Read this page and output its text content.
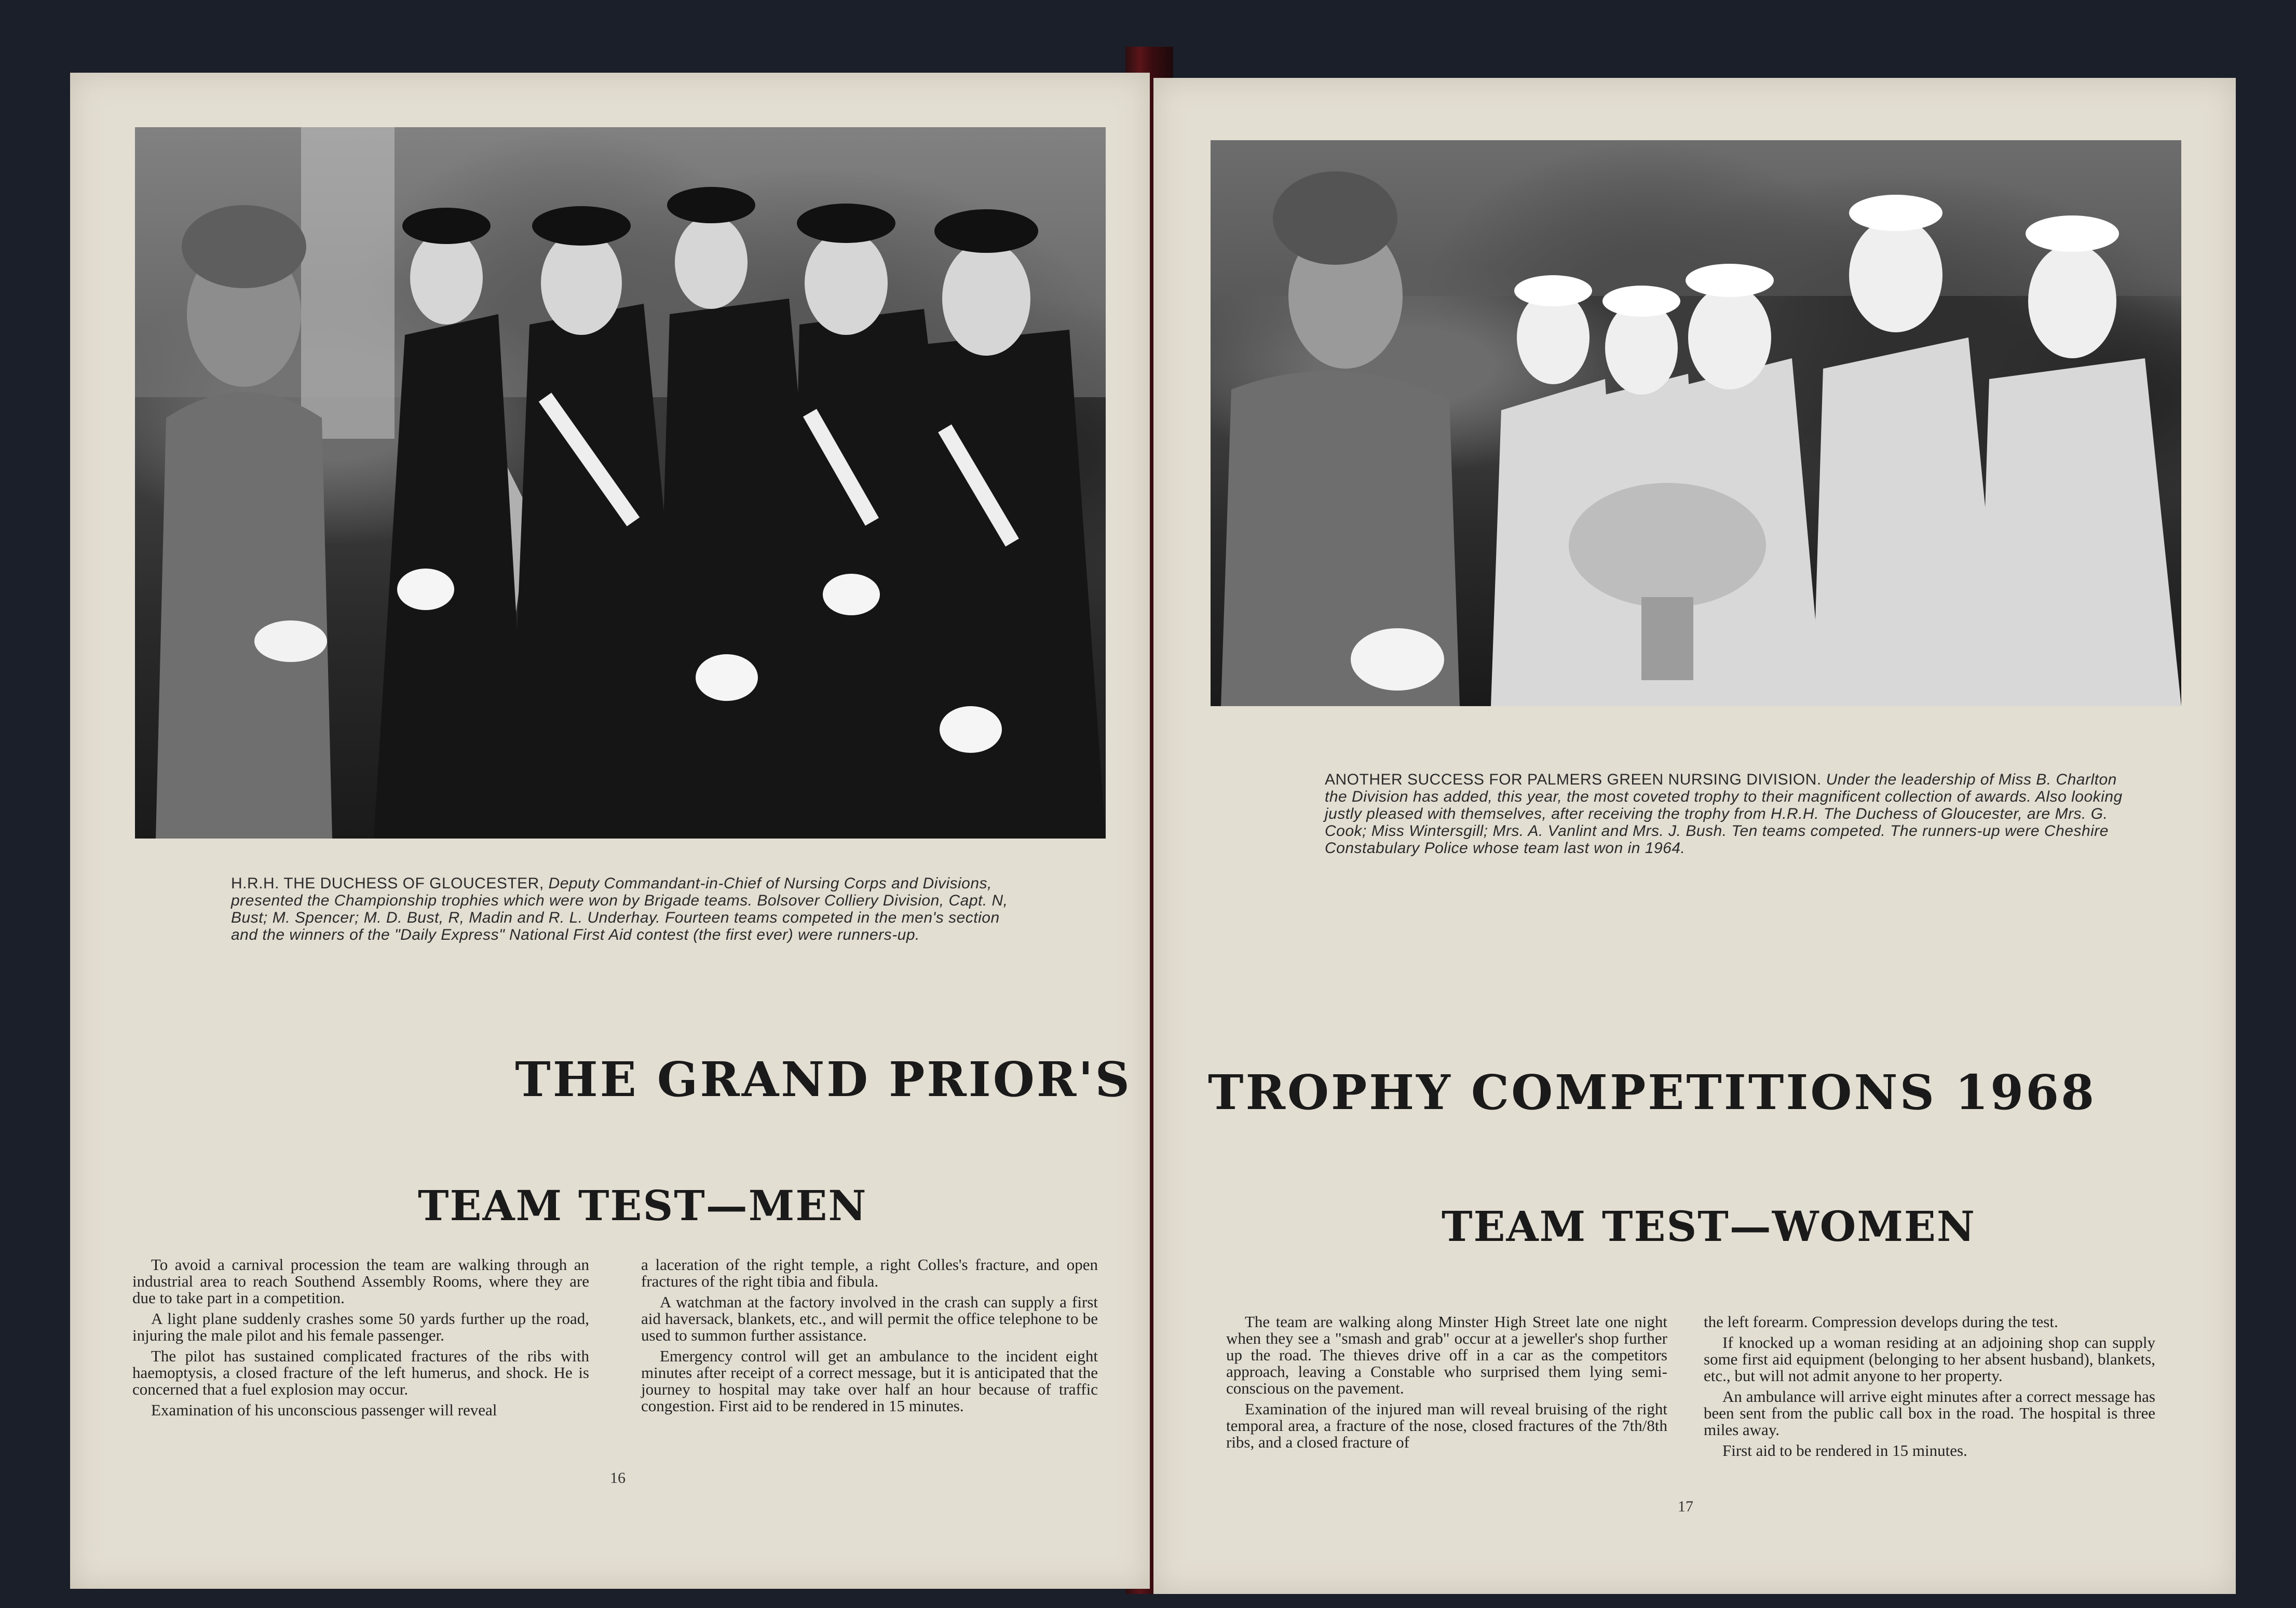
H.R.H. THE DUCHESS OF GLOUCESTER, Deputy Commandant-in-Chief of Nursing Corps and Divisions, presented the Championship trophies which were won by Brigade teams. Bolsover Colliery Division, Capt. N, Bust; M. Spencer; M. D. Bust, R, Madin and R. L. Underhay. Fourteen teams competed in the men's section and the winners of the "Daily Express" National First Aid contest (the first ever) were runners-up.
THE GRAND PRIOR'S
TEAM TEST—MEN

To avoid a carnival procession the team are walking through an industrial area to reach Southend Assembly Rooms, where they are due to take part in a competition.

A light plane suddenly crashes some 50 yards further up the road, injuring the male pilot and his female passenger.

The pilot has sustained complicated fractures of the ribs with haemoptysis, a closed fracture of the left humerus, and shock. He is concerned that a fuel explosion may occur.

Examination of his unconscious passenger will reveal

a laceration of the right temple, a right Colles's fracture, and open fractures of the right tibia and fibula.

A watchman at the factory involved in the crash can supply a first aid haversack, blankets, etc., and will permit the office telephone to be used to summon further assistance.

Emergency control will get an ambulance to the incident eight minutes after receipt of a correct message, but it is anticipated that the journey to hospital may take over half an hour because of traffic congestion. First aid to be rendered in 15 minutes.

16
ANOTHER SUCCESS FOR PALMERS GREEN NURSING DIVISION. Under the leadership of Miss B. Charlton the Division has added, this year, the most coveted trophy to their magnificent collection of awards. Also looking justly pleased with themselves, after receiving the trophy from H.R.H. The Duchess of Gloucester, are Mrs. G. Cook; Miss Wintersgill; Mrs. A. Vanlint and Mrs. J. Bush. Ten teams competed. The runners-up were Cheshire Constabulary Police whose team last won in 1964.
TROPHY COMPETITIONS 1968
TEAM TEST—WOMEN

The team are walking along Minster High Street late one night when they see a "smash and grab" occur at a jeweller's shop further up the road. The thieves drive off in a car as the competitors approach, leaving a Constable who surprised them lying semi-conscious on the pavement.

Examination of the injured man will reveal bruising of the right temporal area, a fracture of the nose, closed fractures of the 7th/8th ribs, and a closed fracture of

the left forearm. Compression develops during the test.

If knocked up a woman residing at an adjoining shop can supply some first aid equipment (belonging to her absent husband), blankets, etc., but will not admit anyone to her property.

An ambulance will arrive eight minutes after a correct message has been sent from the public call box in the road. The hospital is three miles away.

First aid to be rendered in 15 minutes.

17
